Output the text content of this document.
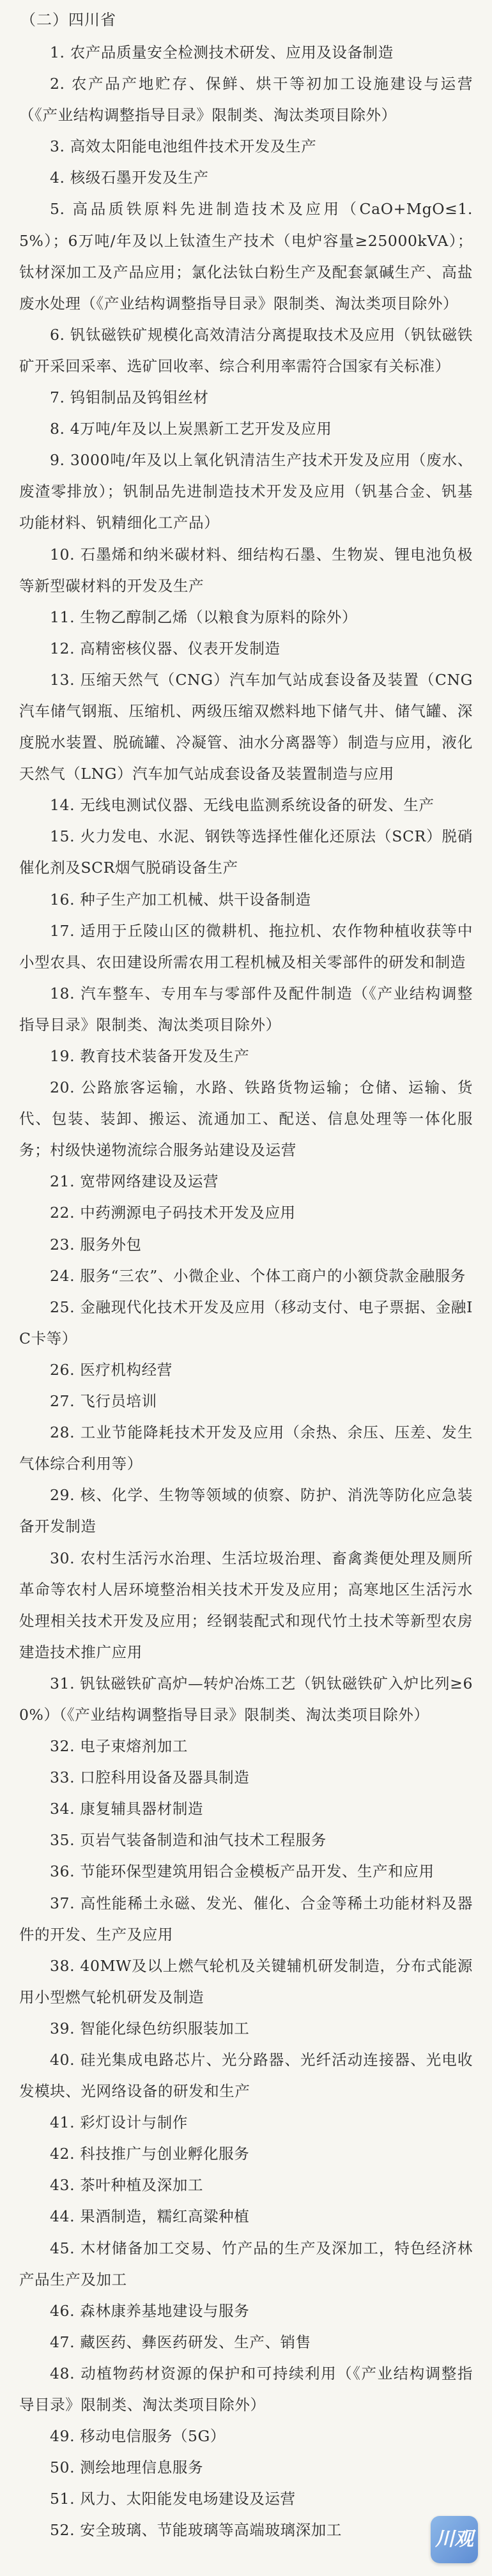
（二）四川省

1. 农产品质量安全检测技术研发、应用及设备制造

2. 农产品产地贮存、保鲜、烘干等初加工设施建设与运营（《产业结构调整指导目录》限制类、淘汰类项目除外）

3. 高效太阳能电池组件技术开发及生产

4. 核级石墨开发及生产

5. 高品质铁原料先进制造技术及应用（CaO+MgO≤1.5%）；6万吨/年及以上钛渣生产技术（电炉容量≥25000kVA）；钛材深加工及产品应用；氯化法钛白粉生产及配套氯碱生产、高盐废水处理（《产业结构调整指导目录》限制类、淘汰类项目除外）

6. 钒钛磁铁矿规模化高效清洁分离提取技术及应用（钒钛磁铁矿开采回采率、选矿回收率、综合利用率需符合国家有关标准）

7. 钨钼制品及钨钼丝材

8. 4万吨/年及以上炭黑新工艺开发及应用

9. 3000吨/年及以上氧化钒清洁生产技术开发及应用（废水、废渣零排放）；钒制品先进制造技术开发及应用（钒基合金、钒基功能材料、钒精细化工产品）

10. 石墨烯和纳米碳材料、细结构石墨、生物炭、锂电池负极等新型碳材料的开发及生产

11. 生物乙醇制乙烯（以粮食为原料的除外）

12. 高精密核仪器、仪表开发制造

13. 压缩天然气（CNG）汽车加气站成套设备及装置（CNG汽车储气钢瓶、压缩机、两级压缩双燃料地下储气井、储气罐、深度脱水装置、脱硫罐、冷凝管、油水分离器等）制造与应用，液化天然气（LNG）汽车加气站成套设备及装置制造与应用

14. 无线电测试仪器、无线电监测系统设备的研发、生产

15. 火力发电、水泥、钢铁等选择性催化还原法（SCR）脱硝催化剂及SCR烟气脱硝设备生产

16. 种子生产加工机械、烘干设备制造

17. 适用于丘陵山区的微耕机、拖拉机、农作物种植收获等中小型农具、农田建设所需农用工程机械及相关零部件的研发和制造

18. 汽车整车、专用车与零部件及配件制造（《产业结构调整指导目录》限制类、淘汰类项目除外）

19. 教育技术装备开发及生产

20. 公路旅客运输，水路、铁路货物运输；仓储、运输、货代、包装、装卸、搬运、流通加工、配送、信息处理等一体化服务；村级快递物流综合服务站建设及运营

21. 宽带网络建设及运营

22. 中药溯源电子码技术开发及应用

23. 服务外包

24. 服务“三农”、小微企业、个体工商户的小额贷款金融服务

25. 金融现代化技术开发及应用（移动支付、电子票据、金融IC卡等）

26. 医疗机构经营

27. 飞行员培训

28. 工业节能降耗技术开发及应用（余热、余压、压差、发生气体综合利用等）

29. 核、化学、生物等领域的侦察、防护、消洗等防化应急装备开发制造

30. 农村生活污水治理、生活垃圾治理、畜禽粪便处理及厕所革命等农村人居环境整治相关技术开发及应用；高寒地区生活污水处理相关技术开发及应用；经钢装配式和现代竹土技术等新型农房建造技术推广应用

31. 钒钛磁铁矿高炉—转炉冶炼工艺（钒钛磁铁矿入炉比列≥60%）（《产业结构调整指导目录》限制类、淘汰类项目除外）

32. 电子束熔剂加工

33. 口腔科用设备及器具制造

34. 康复辅具器材制造

35. 页岩气装备制造和油气技术工程服务

36. 节能环保型建筑用铝合金模板产品开发、生产和应用

37. 高性能稀土永磁、发光、催化、合金等稀土功能材料及器件的开发、生产及应用

38. 40MW及以上燃气轮机及关键辅机研发制造，分布式能源用小型燃气轮机研发及制造

39. 智能化绿色纺织服装加工

40. 硅光集成电路芯片、光分路器、光纤活动连接器、光电收发模块、光网络设备的研发和生产

41. 彩灯设计与制作

42. 科技推广与创业孵化服务

43. 茶叶种植及深加工

44. 果酒制造，糯红高粱种植

45. 木材储备加工交易、竹产品的生产及深加工，特色经济林产品生产及加工

46. 森林康养基地建设与服务

47. 藏医药、彝医药研发、生产、销售

48. 动植物药材资源的保护和可持续利用（《产业结构调整指导目录》限制类、淘汰类项目除外）

49. 移动电信服务（5G）

50. 测绘地理信息服务

51. 风力、太阳能发电场建设及运营

52. 安全玻璃、节能玻璃等高端玻璃深加工	川观
